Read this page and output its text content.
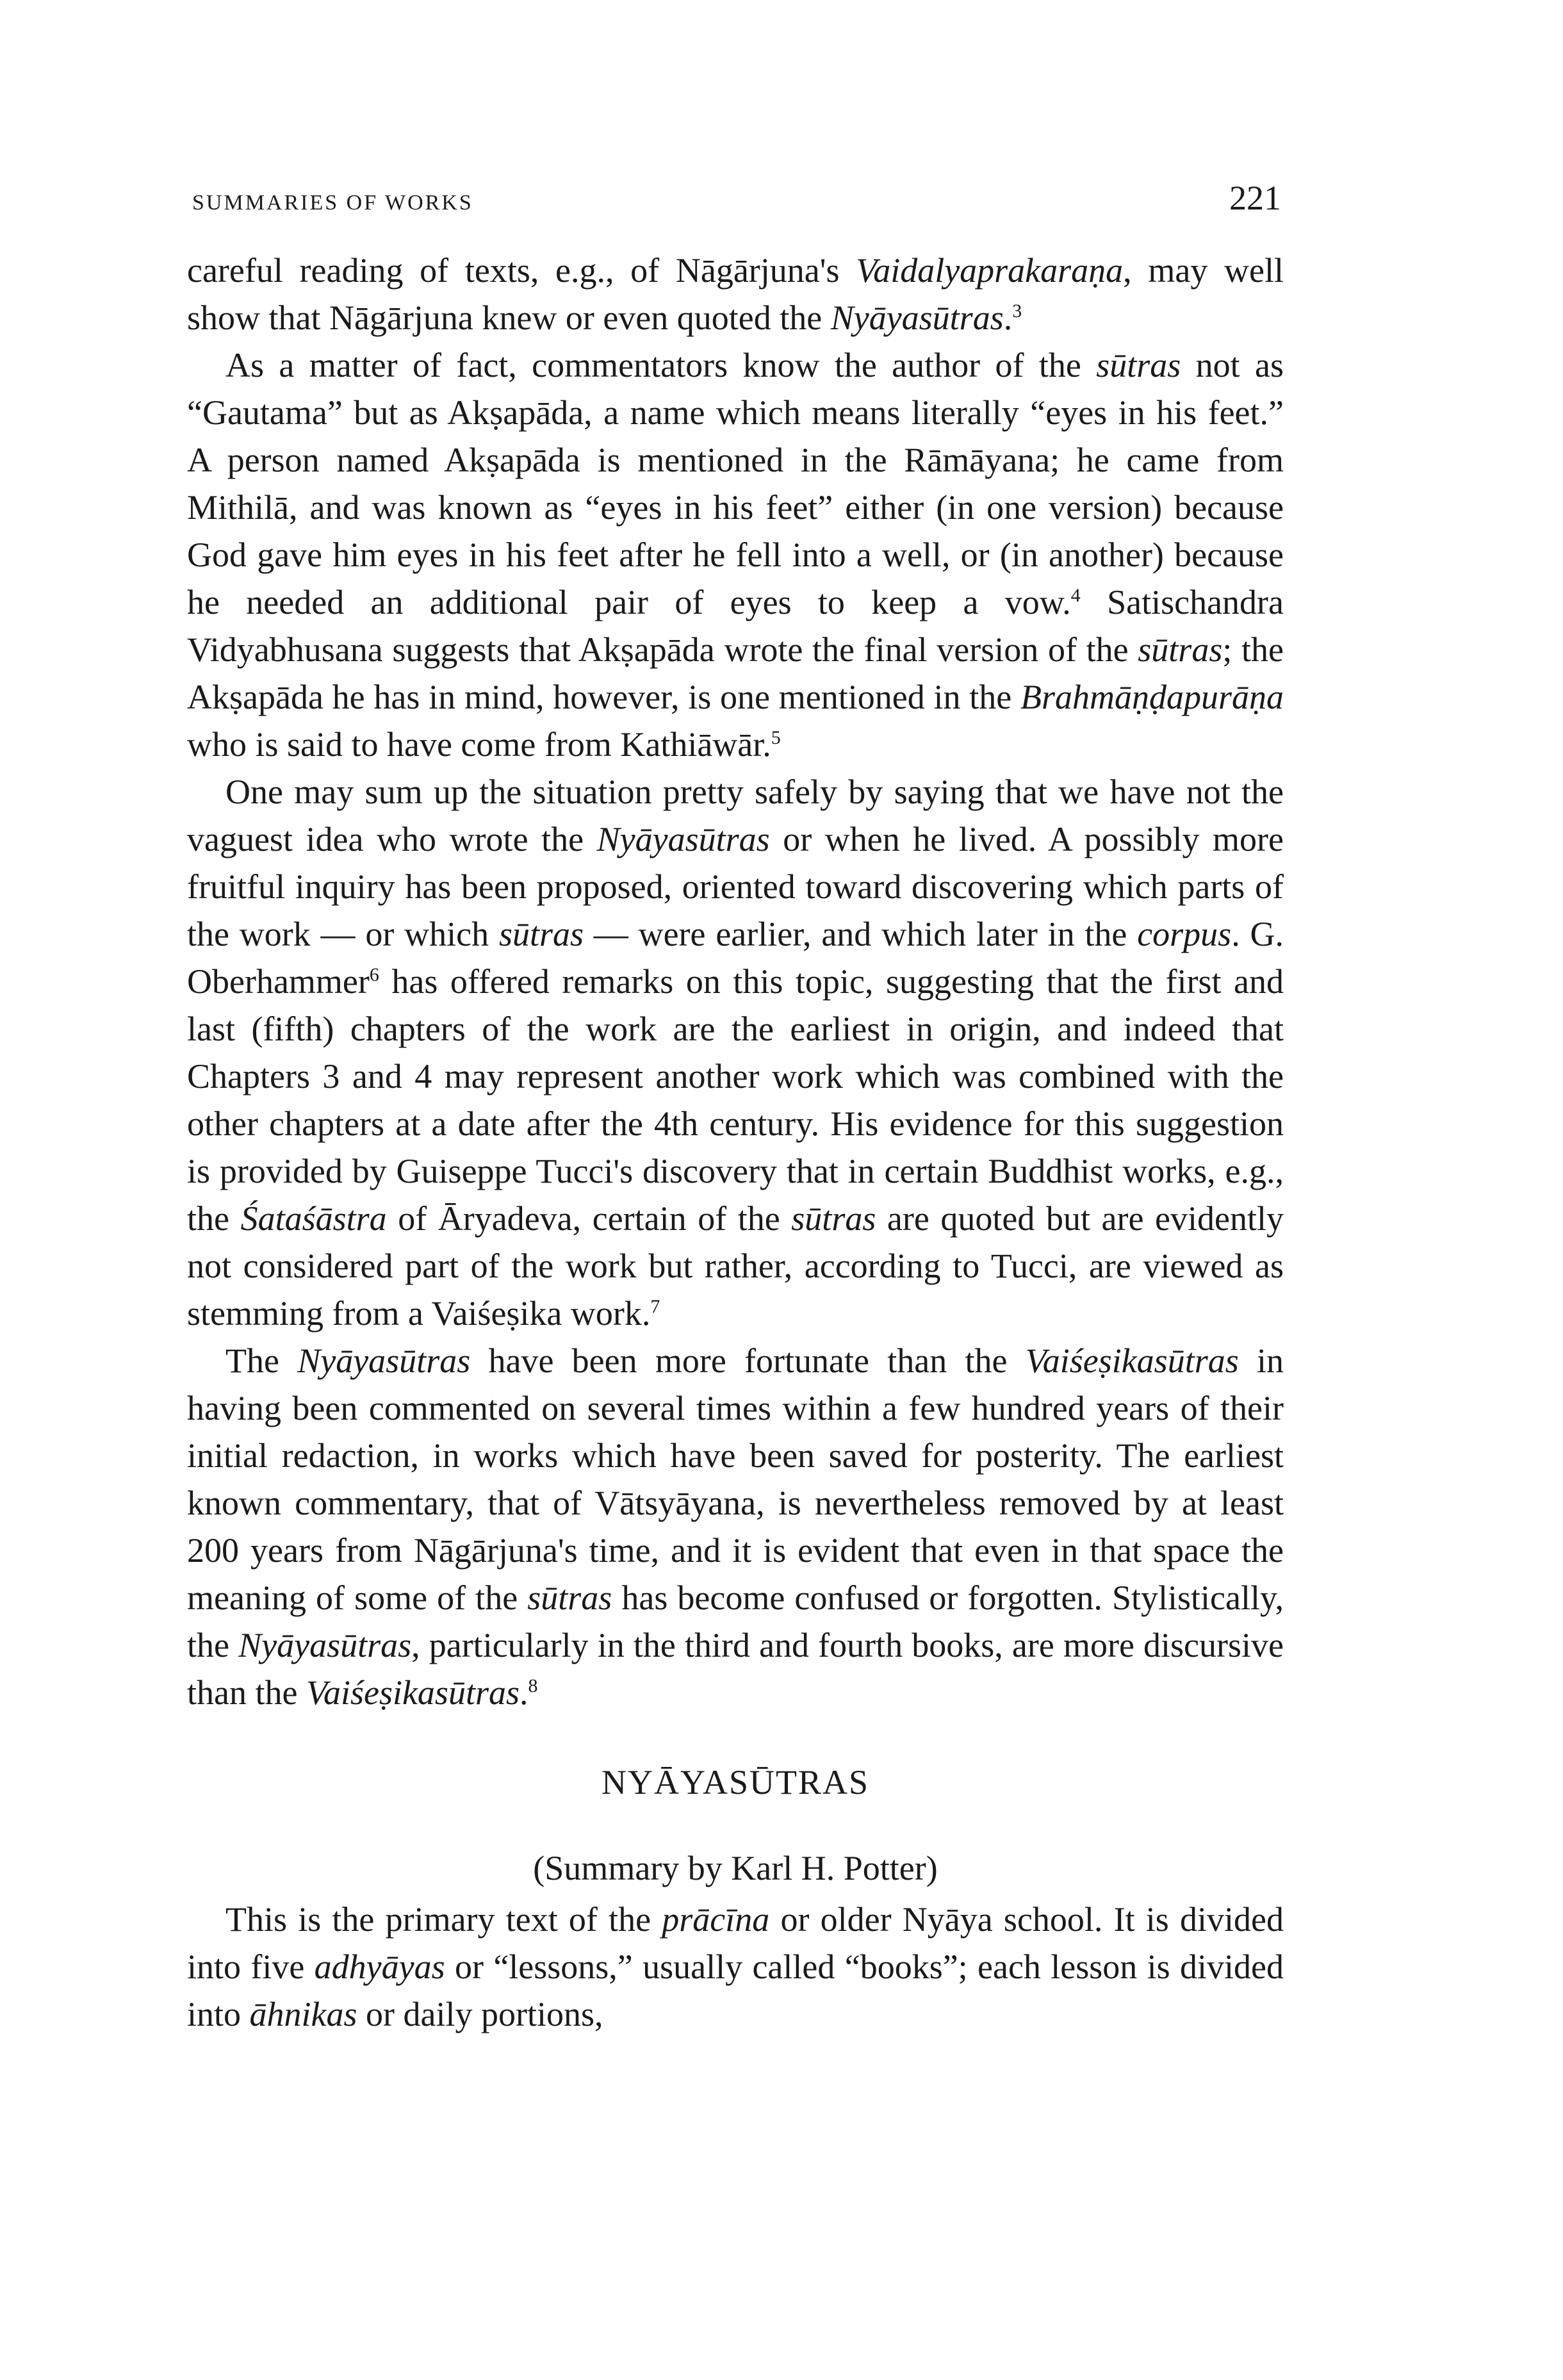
SUMMARIES OF WORKS	221

careful reading of texts, e.g., of Nāgārjuna's Vaidalyaprakaraṇa, may well show that Nāgārjuna knew or even quoted the Nyāyasūtras.$^3$

As a matter of fact, commentators know the author of the sūtras not as “Gautama” but as Akṣapāda, a name which means literally “eyes in his feet.” A person named Akṣapāda is mentioned in the Rāmāyana; he came from Mithilā, and was known as “eyes in his feet” either (in one version) because God gave him eyes in his feet after he fell into a well, or (in another) because he needed an additional pair of eyes to keep a vow.$^4$ Satischandra Vidyabhusana suggests that Akṣapāda wrote the final version of the sūtras; the Akṣapāda he has in mind, however, is one mentioned in the Brahmāṇḍapurāṇa who is said to have come from Kathiāwār.$^5$

One may sum up the situation pretty safely by saying that we have not the vaguest idea who wrote the Nyāyasūtras or when he lived. A possibly more fruitful inquiry has been proposed, oriented toward discovering which parts of the work — or which sūtras — were earlier, and which later in the corpus. G. Oberhammer$^6$ has offered remarks on this topic, suggesting that the first and last (fifth) chapters of the work are the earliest in origin, and indeed that Chapters 3 and 4 may represent another work which was combined with the other chapters at a date after the 4th century. His evidence for this suggestion is provided by Guiseppe Tucci's discovery that in certain Buddhist works, e.g., the Śataśāstra of Āryadeva, certain of the sūtras are quoted but are evidently not considered part of the work but rather, according to Tucci, are viewed as stemming from a Vaiśeṣika work.$^7$

The Nyāyasūtras have been more fortunate than the Vaiśeṣikasūtras in having been commented on several times within a few hundred years of their initial redaction, in works which have been saved for posterity. The earliest known commentary, that of Vātsyāyana, is nevertheless removed by at least 200 years from Nāgārjuna's time, and it is evident that even in that space the meaning of some of the sūtras has become confused or forgotten. Stylistically, the Nyāyasūtras, particularly in the third and fourth books, are more discursive than the Vaiśeṣikasūtras.$^8$

NYĀYASŪTRAS
(Summary by Karl H. Potter)

This is the primary text of the prācīna or older Nyāya school. It is divided into five adhyāyas or “lessons,” usually called “books”; each lesson is divided into āhnikas or daily portions,
